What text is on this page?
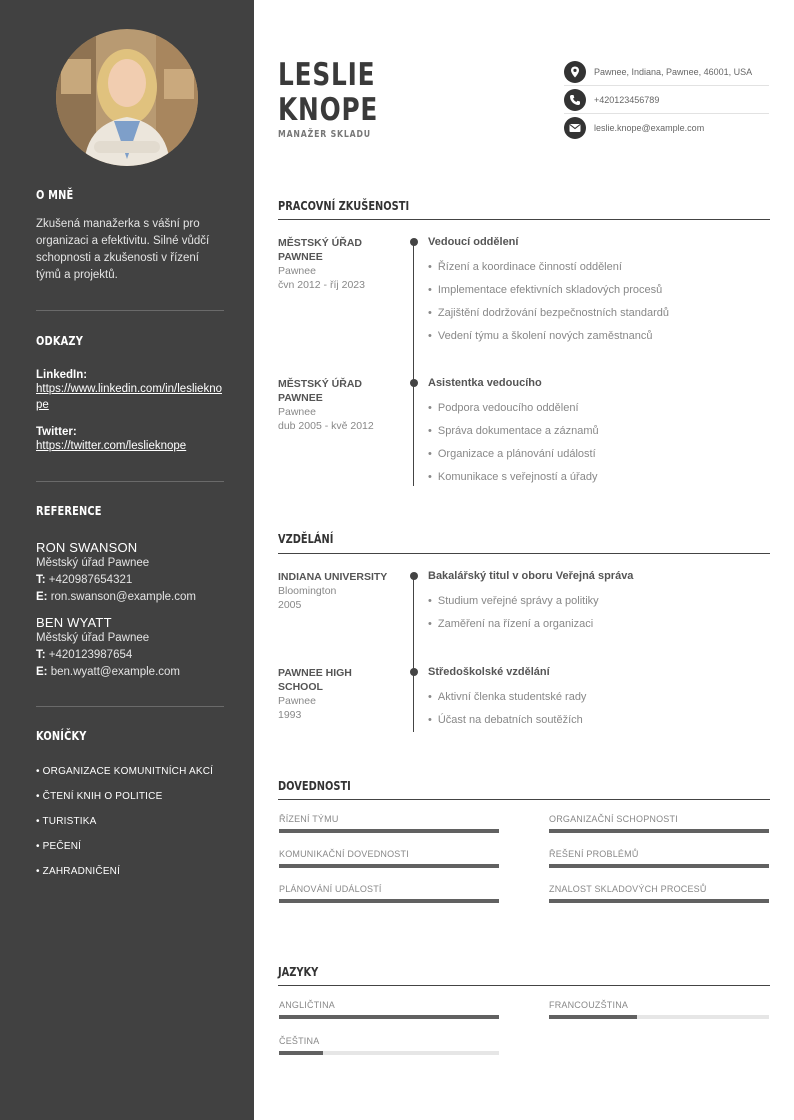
O MNĚ
Zkušená manažerka s vášní pro organizaci a efektivitu. Silné vůdčí schopnosti a zkušenosti v řízení týmů a projektů.
ODKAZY
LinkedIn:
https://www.linkedin.com/in/leslieknope
Twitter:
https://twitter.com/leslieknope
REFERENCE
RON SWANSON
Městský úřad Pawnee
T: +420987654321
E: ron.swanson@example.com
BEN WYATT
Městský úřad Pawnee
T: +420123987654
E: ben.wyatt@example.com
KONÍČKY
• ORGANIZACE KOMUNITNÍCH AKCÍ
• ČTENÍ KNIH O POLITICE
• TURISTIKA
• PEČENÍ
• ZAHRADNIČENÍ
LESLIE
KNOPE
MANAŽER SKLADU
Pawnee, Indiana, Pawnee, 46001, USA
+420123456789
leslie.knope@example.com
PRACOVNÍ ZKUŠENOSTI
MĚSTSKÝ ÚŘAD PAWNEE
Pawnee
čvn 2012 - říj 2023
Vedoucí oddělení
• Řízení a koordinace činností oddělení
• Implementace efektivních skladových procesů
• Zajištění dodržování bezpečnostních standardů
• Vedení týmu a školení nových zaměstnanců
MĚSTSKÝ ÚŘAD PAWNEE
Pawnee
dub 2005 - kvě 2012
Asistentka vedoucího
• Podpora vedoucího oddělení
• Správa dokumentace a záznamů
• Organizace a plánování událostí
• Komunikace s veřejností a úřady
VZDĚLÁNÍ
INDIANA UNIVERSITY
Bloomington
2005
Bakalářský titul v oboru Veřejná správa
• Studium veřejné správy a politiky
• Zaměření na řízení a organizaci
PAWNEE HIGH SCHOOL
Pawnee
1993
Středoškolské vzdělání
• Aktivní členka studentské rady
• Účast na debatních soutěžích
DOVEDNOSTI
ŘÍZENÍ TÝMU	ORGANIZAČNÍ SCHOPNOSTI
KOMUNIKAČNÍ DOVEDNOSTI	ŘEŠENÍ PROBLÉMŮ
PLÁNOVÁNÍ UDÁLOSTÍ	ZNALOST SKLADOVÝCH PROCESŮ
JAZYKY
ANGLIČTINA	FRANCOUZŠTINA
ČEŠTINA
